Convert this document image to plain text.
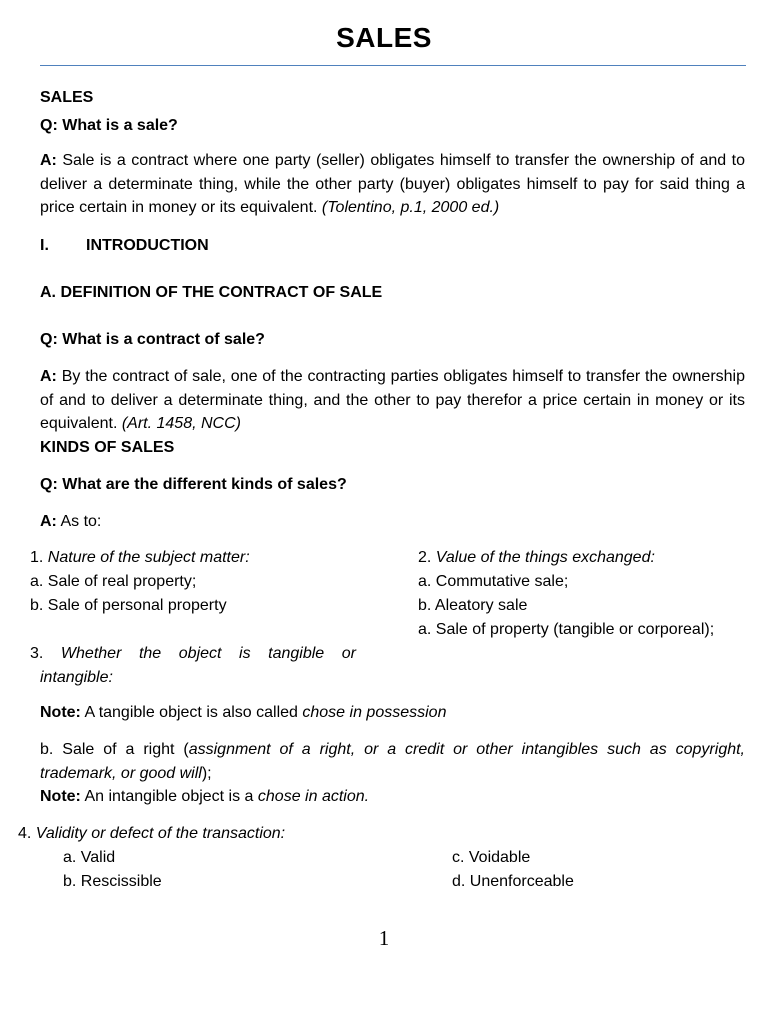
SALES
SALES
Q: What is a sale?
A: Sale is a contract where one party (seller) obligates himself to transfer the ownership of and to deliver a determinate thing, while the other party (buyer) obligates himself to pay for said thing a price certain in money or its equivalent. (Tolentino, p.1, 2000 ed.)
I. INTRODUCTION
A. DEFINITION OF THE CONTRACT OF SALE
Q: What is a contract of sale?
A: By the contract of sale, one of the contracting parties obligates himself to transfer the ownership of and to deliver a determinate thing, and the other to pay therefor a price certain in money or its equivalent. (Art. 1458, NCC)
KINDS OF SALES
Q: What are the different kinds of sales?
A: As to:
1. Nature of the subject matter:
a. Sale of real property;
b. Sale of personal property
2. Value of the things exchanged:
a. Commutative sale;
b. Aleatory sale
a. Sale of property (tangible or corporeal);
3. Whether the object is tangible or
intangible:
Note: A tangible object is also called chose in possession
b. Sale of a right (assignment of a right, or a credit or other intangibles such as copyright, trademark, or good will);
Note: An intangible object is a chose in action.
4. Validity or defect of the transaction:
a. Valid
b. Rescissible
c. Voidable
d. Unenforceable
1
